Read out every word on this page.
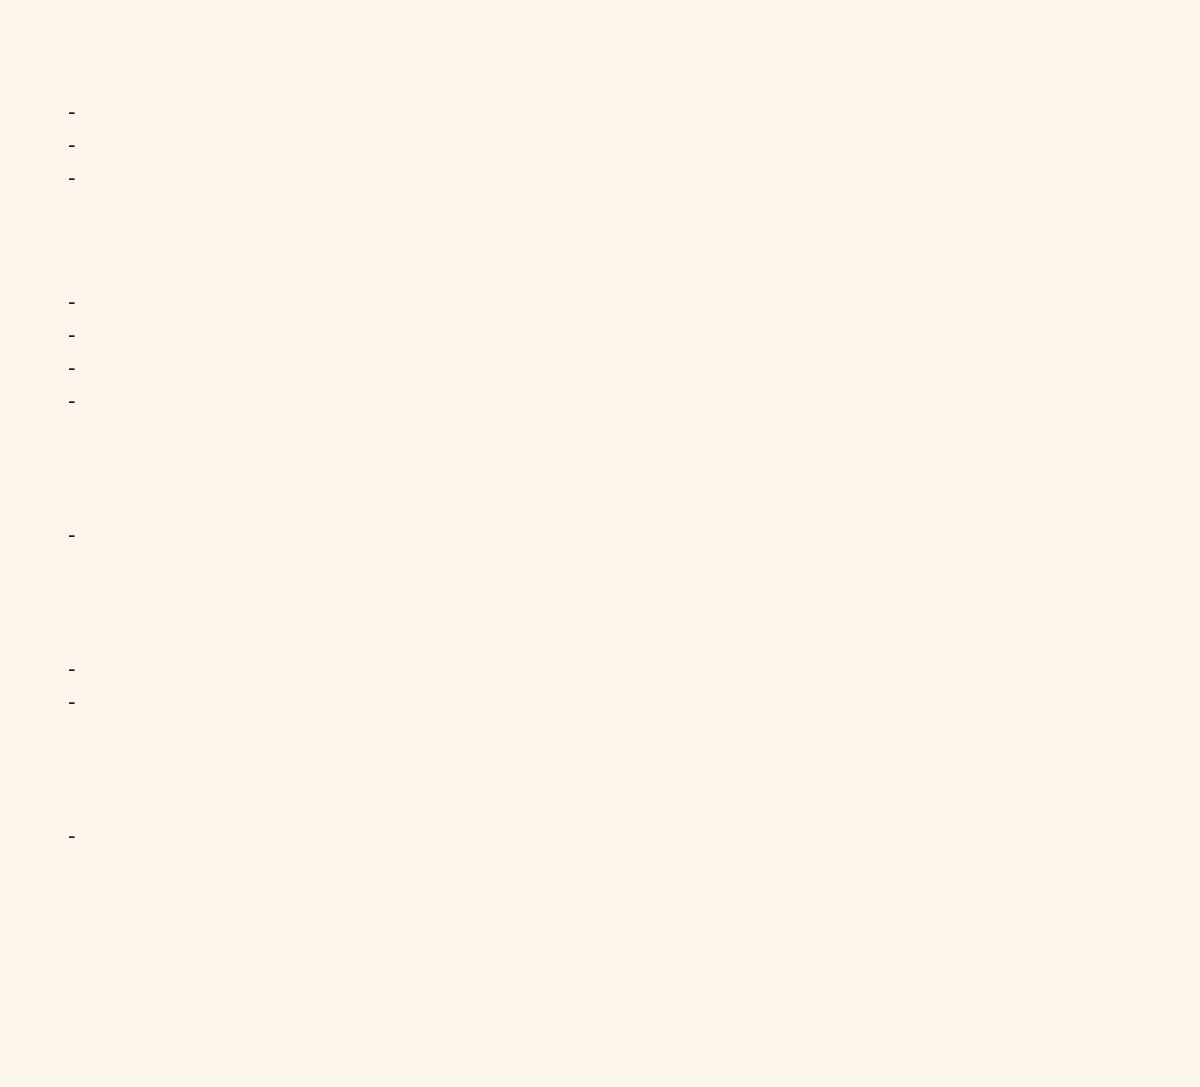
-

-

-

-

-

-

-

-

-

-

-
